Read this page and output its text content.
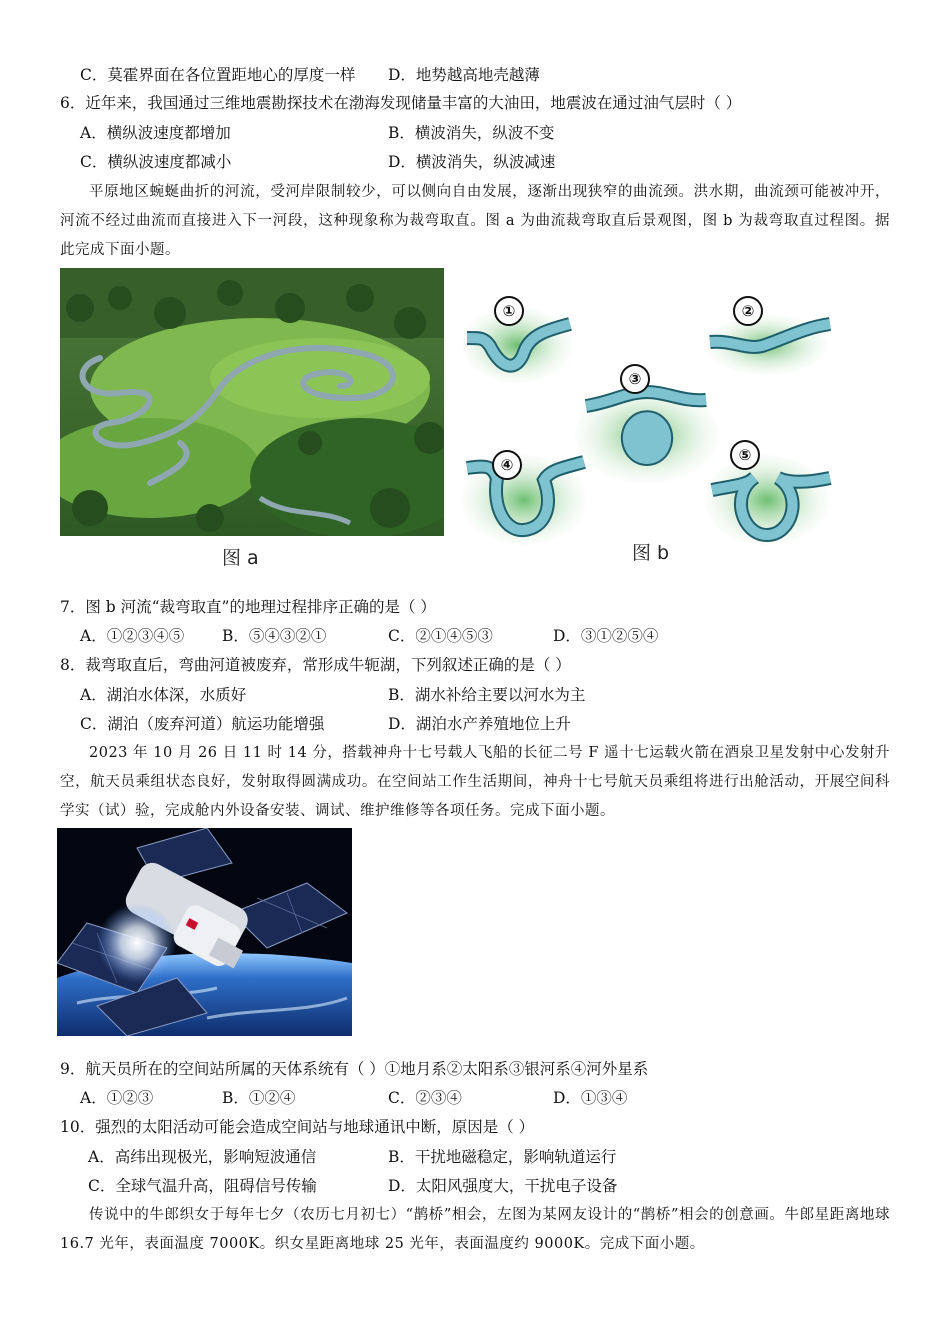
C．莫霍界面在各位置距地心的厚度一样 D．地势越高地壳越薄
6．近年来，我国通过三维地震勘探技术在渤海发现储量丰富的大油田，地震波在通过油气层时（ ）
A．横纵波速度都增加	B．横波消失，纵波不变
C．横纵波速度都减小	D．横波消失，纵波减速
平原地区蜿蜒曲折的河流，受河岸限制较少，可以侧向自由发展，逐渐出现狭窄的曲流颈。洪水期，曲流颈可能被冲开，河流不经过曲流而直接进入下一河段，这种现象称为裁弯取直。图 a 为曲流裁弯取直后景观图，图 b 为裁弯取直过程图。据此完成下面小题。
图 a
①	②
③
④
⑤
图 b
7．图 b 河流“裁弯取直”的地理过程排序正确的是（ ）
A．①②③④⑤ B．⑤④③②①	C．②①④⑤③	D．③①②⑤④
8．裁弯取直后，弯曲河道被废弃，常形成牛轭湖，下列叙述正确的是（ ）
A．湖泊水体深，水质好	B．湖水补给主要以河水为主
C．湖泊（废弃河道）航运功能增强	D．湖泊水产养殖地位上升
2023 年 10 月 26 日 11 时 14 分，搭载神舟十七号载人飞船的长征二号 F 遥十七运载火箭在酒泉卫星发射中心发射升空，航天员乘组状态良好，发射取得圆满成功。在空间站工作生活期间，神舟十七号航天员乘组将进行出舱活动，开展空间科学实（试）验，完成舱内外设备安装、调试、维护维修等各项任务。完成下面小题。
9．航天员所在的空间站所属的天体系统有（ ）①地月系②太阳系③银河系④河外星系
A．①②③	B．①②④	C．②③④	D．①③④
10．强烈的太阳活动可能会造成空间站与地球通讯中断，原因是（ ）
A．高纬出现极光，影响短波通信	B．干扰地磁稳定，影响轨道运行
C．全球气温升高，阻碍信号传输	D．太阳风强度大，干扰电子设备
传说中的牛郎织女于每年七夕（农历七月初七）“鹊桥”相会，左图为某网友设计的“鹊桥”相会的创意画。牛郎星距离地球 16.7 光年，表面温度 7000K。织女星距离地球 25 光年，表面温度约 9000K。完成下面小题。
